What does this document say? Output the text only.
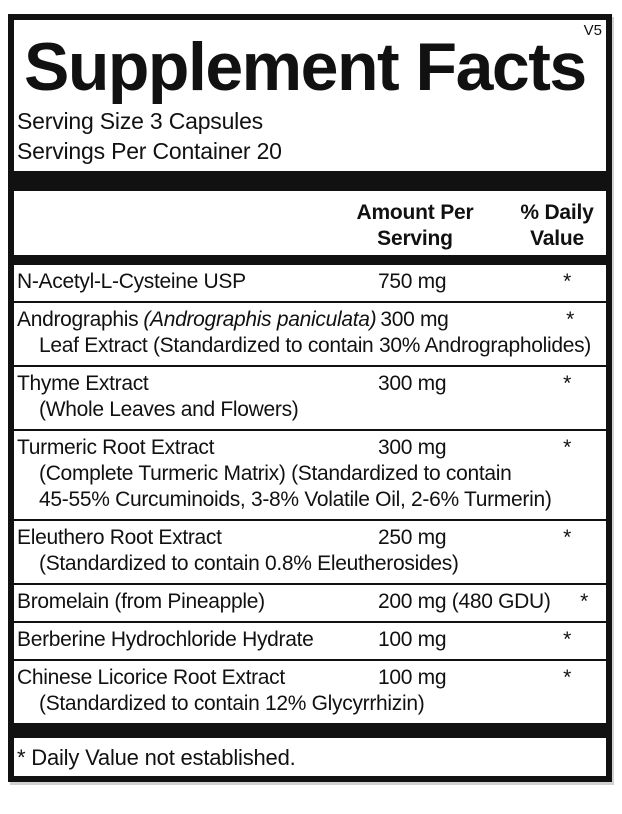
V5
Supplement Facts
Serving Size 3 Capsules
Servings Per Container 20
Amount Per
Serving
% Daily
Value
N-Acetyl-L-Cysteine USP	750 mg	*
Andrographis (Andrographis paniculata) 300 mg	*
Leaf Extract (Standardized to contain 30% Andrographolides)
Thyme Extract	300 mg	*
(Whole Leaves and Flowers)
Turmeric Root Extract	300 mg	*
(Complete Turmeric Matrix) (Standardized to contain
45-55% Curcuminoids, 3-8% Volatile Oil, 2-6% Turmerin)
Eleuthero Root Extract	250 mg	*
(Standardized to contain 0.8% Eleutherosides)
Bromelain (from Pineapple)	200 mg (480 GDU)	*
Berberine Hydrochloride Hydrate	100 mg	*
Chinese Licorice Root Extract	100 mg	*
(Standardized to contain 12% Glycyrrhizin)
* Daily Value not established.
